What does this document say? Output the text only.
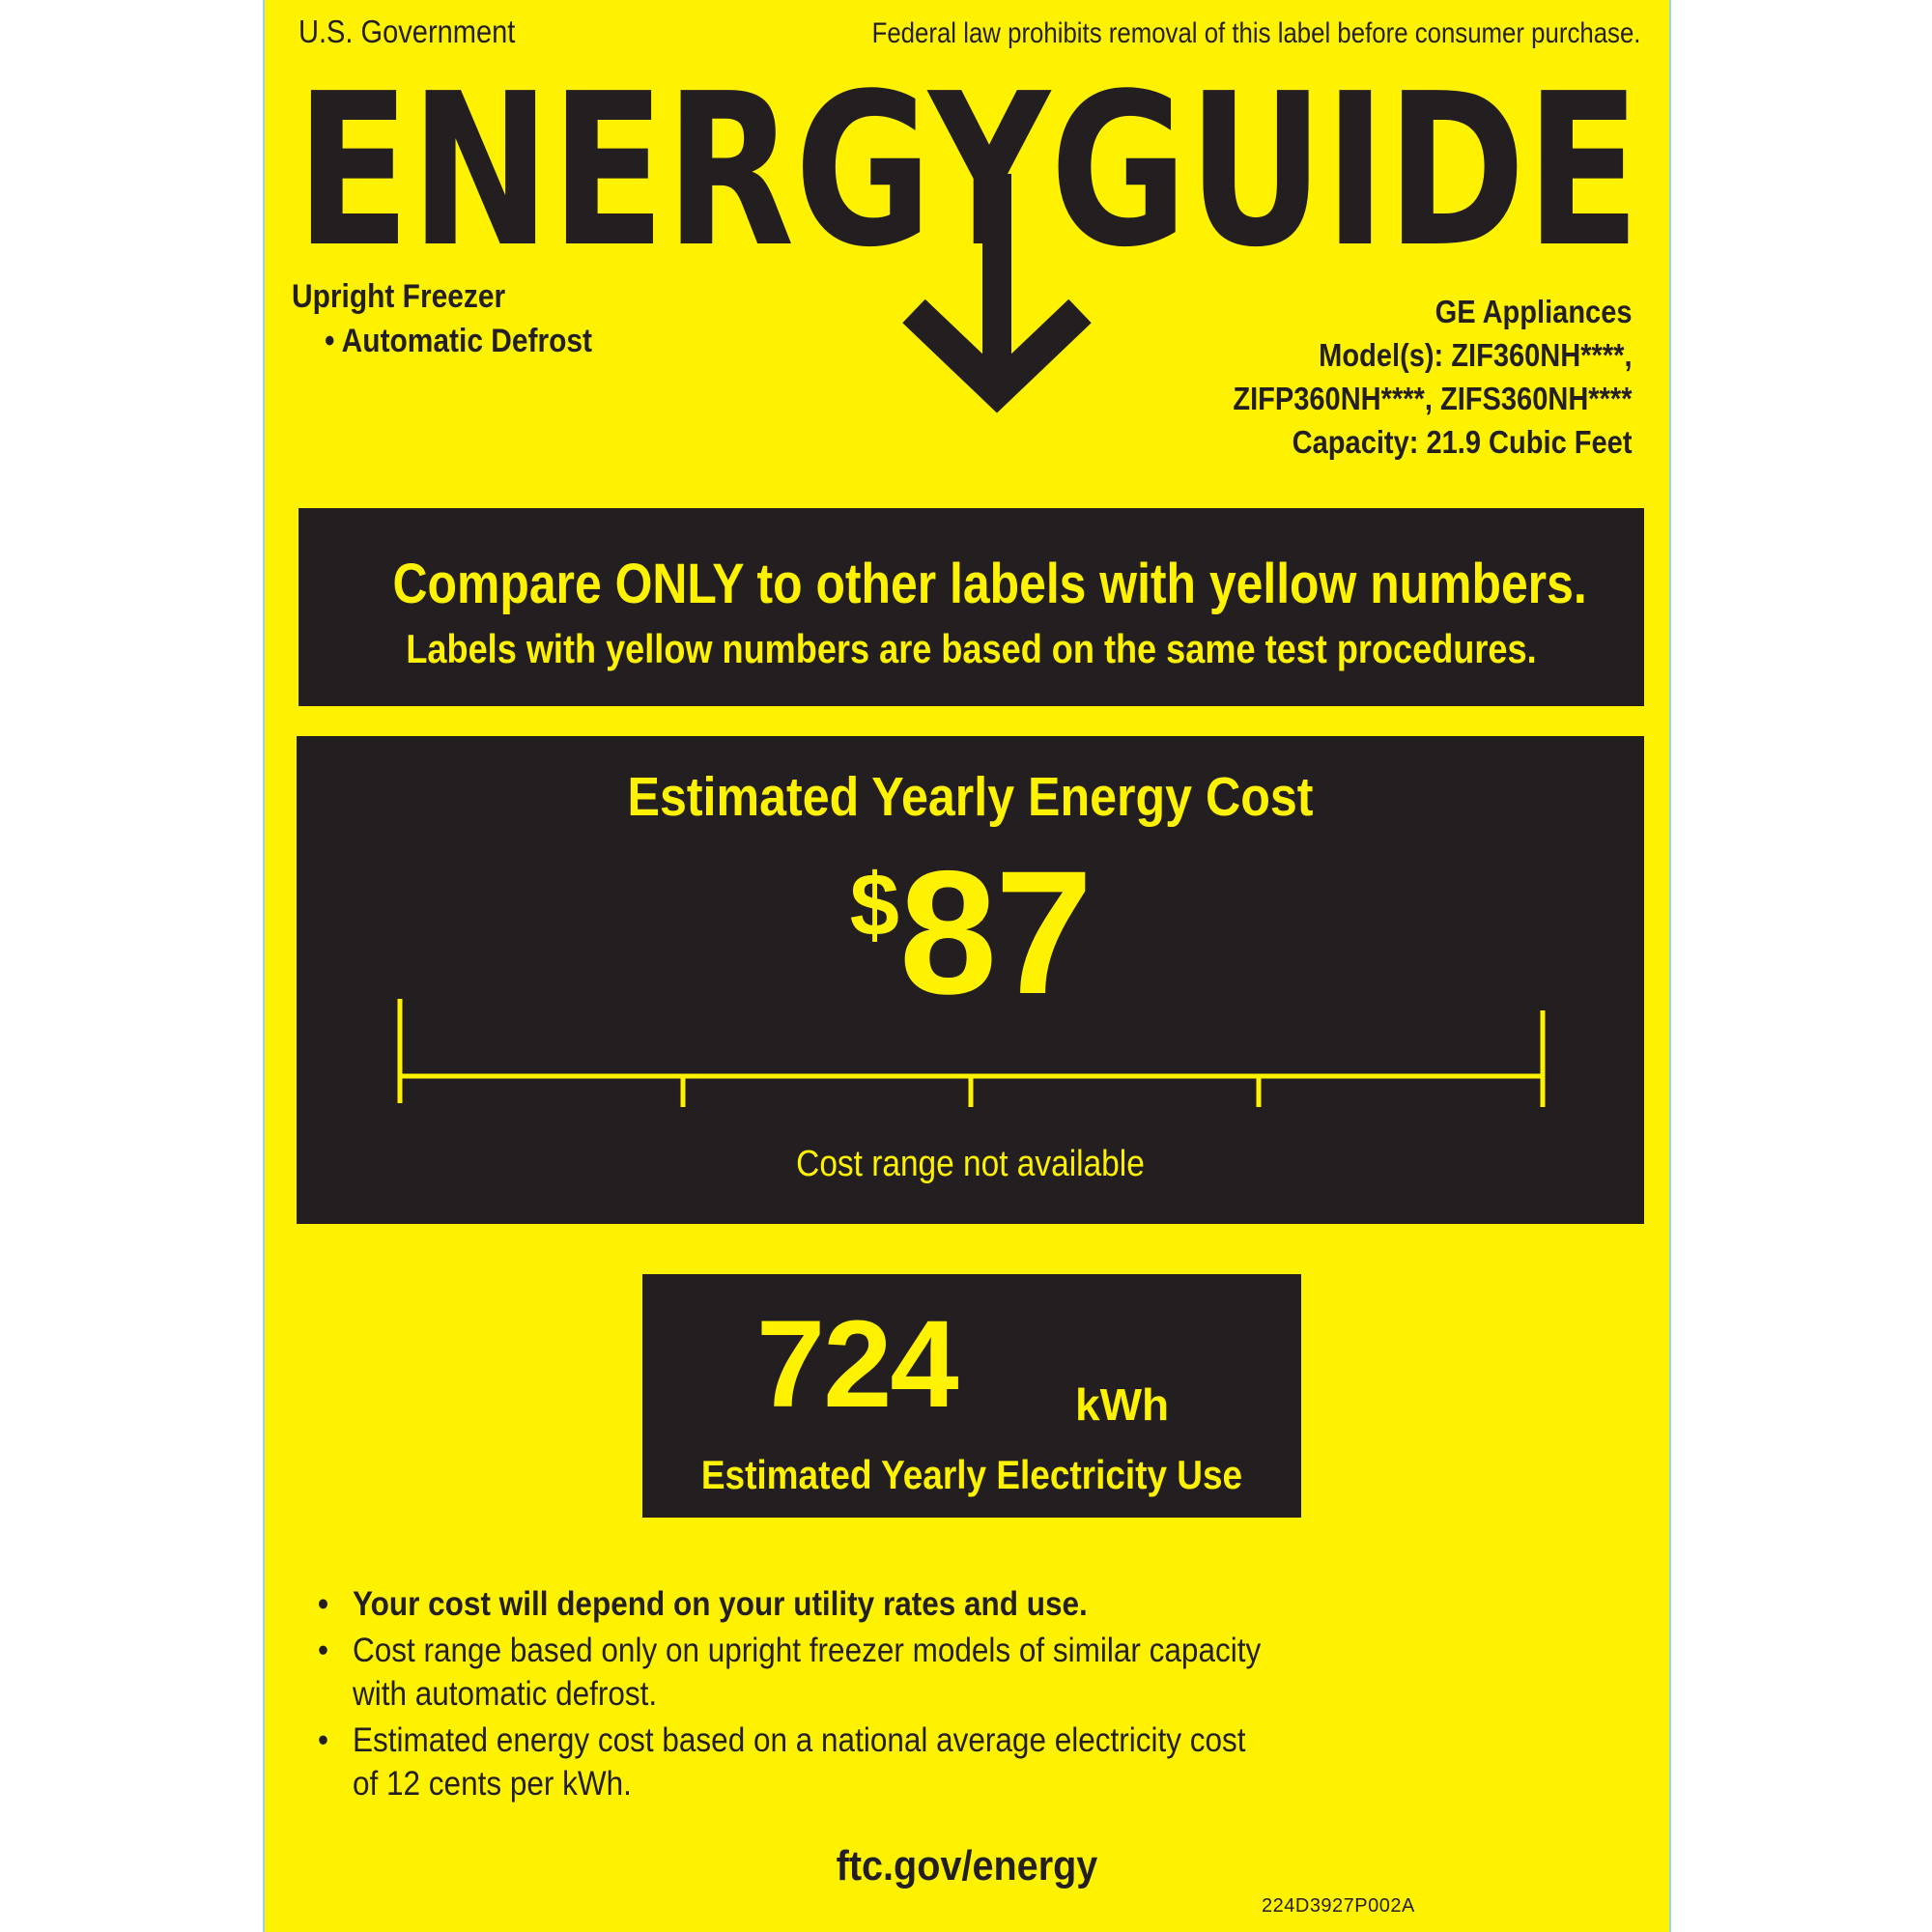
U.S. Government	Federal law prohibits removal of this label before consumer purchase.
ENERGYGUIDE
Upright Freezer
• Automatic Defrost
GE Appliances
Model(s): ZIF360NH****,
ZIFP360NH****, ZIFS360NH****
Capacity: 21.9 Cubic Feet
Compare ONLY to other labels with yellow numbers.
Labels with yellow numbers are based on the same test procedures.
Estimated Yearly Energy Cost
$87
Cost range not available
724	kWh
Estimated Yearly Electricity Use
• Your cost will depend on your utility rates and use.
• Cost range based only on upright freezer models of similar capacity with automatic defrost.
• Estimated energy cost based on a national average electricity cost of 12 cents per kWh.
ftc.gov/energy
224D3927P002A
